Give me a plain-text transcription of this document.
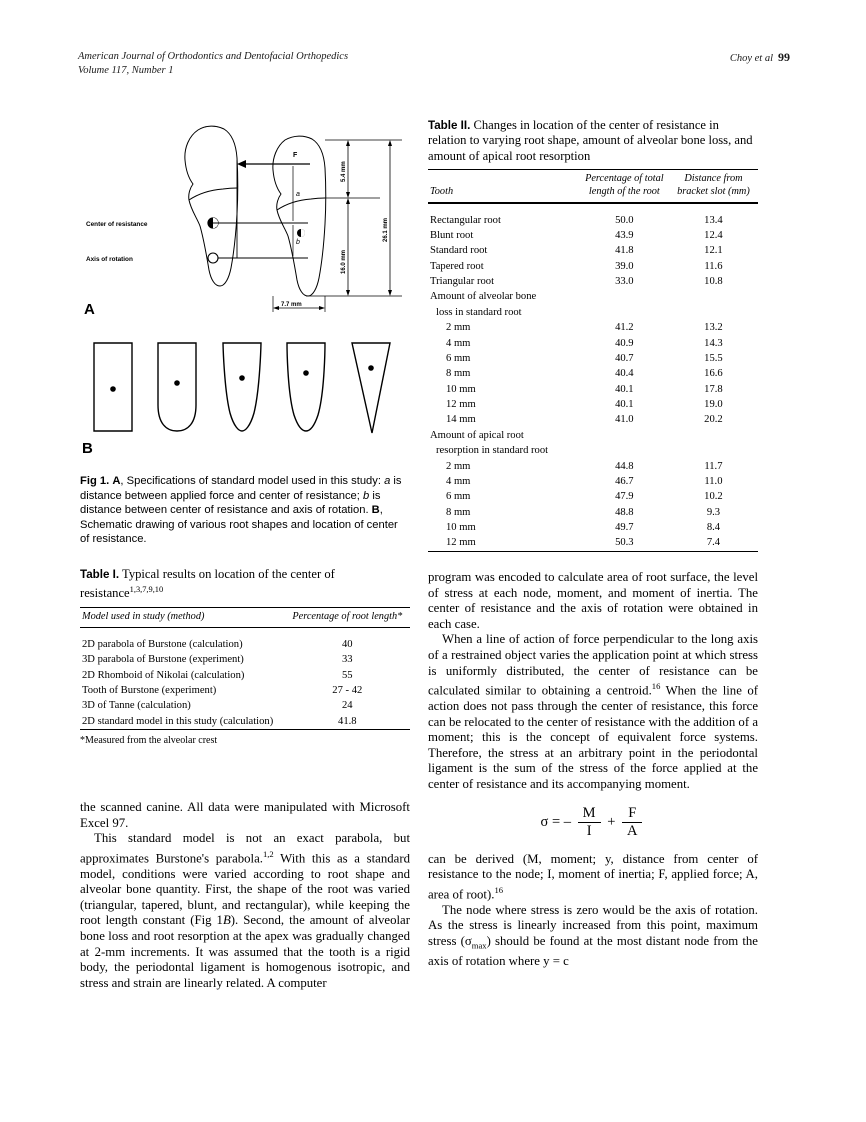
Choy et al 99
American Journal of Orthodontics and Dentofacial Orthopedics
Volume 117, Number 1
F
a
b
Center of resistance
Axis of rotation
5.4 mm
16.0 mm
26.1 mm
7.7 mm
A
B
Fig 1. A, Specifications of standard model used in this study: a is distance between applied force and center of resistance; b is distance between center of resistance and axis of rotation. B, Schematic drawing of various root shapes and location of center of resistance.
Table I. Typical results on location of the center of resistance$^{1,3,7,9,10}$
Model used in study (method)	Percentage of root length*

2D parabola of Burstone (calculation)	40
3D parabola of Burstone (experiment)	33
2D Rhomboid of Nikolai (calculation)	55
Tooth of Burstone (experiment)	27 - 42
3D of Tanne (calculation)	24
2D standard model in this study (calculation)	41.8
*Measured from the alveolar crest

the scanned canine. All data were manipulated with Microsoft Excel 97.

This standard model is not an exact parabola, but approximates Burstone's parabola.$^{1,2}$ With this as a standard model, conditions were varied according to root shape and alveolar bone quantity. First, the shape of the root was varied (triangular, tapered, blunt, and rectangular), while keeping the root length constant (Fig 1B). Second, the amount of alveolar bone loss and root resorption at the apex was gradually changed at 2-mm increments. It was assumed that the tooth is a rigid body, the periodontal ligament is homogenous isotropic, and stress and strain are linearly related. A computer

Table II. Changes in location of the center of resistance in relation to varying root shape, amount of alveolar bone loss, and amount of apical root resorption
Tooth	Percentage of total length of the root	Distance from bracket slot (mm)

Rectangular root	50.0	13.4
Blunt root	43.9	12.4
Standard root	41.8	12.1
Tapered root	39.0	11.6
Triangular root	33.0	10.8
Amount of alveolar bone		
loss in standard root		
2 mm	41.2	13.2
4 mm	40.9	14.3
6 mm	40.7	15.5
8 mm	40.4	16.6
10 mm	40.1	17.8
12 mm	40.1	19.0
14 mm	41.0	20.2
Amount of apical root		
resorption in standard root		
2 mm	44.8	11.7
4 mm	46.7	11.0
6 mm	47.9	10.2
8 mm	48.8	9.3
10 mm	49.7	8.4
12 mm	50.3	7.4

program was encoded to calculate area of root surface, the level of stress at each node, moment, and moment of inertia. The center of resistance and the axis of rotation were obtained in each case.

When a line of action of force perpendicular to the long axis of a restrained object varies the application point at which stress is uniformly distributed, the center of resistance can be calculated similar to obtaining a centroid.$^{16}$ When the line of action does not pass through the center of resistance, this force can be relocated to the center of resistance with the addition of a moment; this is the concept of equivalent force systems. Therefore, the stress at an arbitrary point in the periodontal ligament is the sum of the stress of the force applied at the center of resistance and its accompanying moment.

σ = – $\frac{M}{I} + \frac{F}{A}$

can be derived (M, moment; y, distance from center of resistance to the node; I, moment of inertia; F, applied force; A, area of root).$^{16}$

The node where stress is zero would be the axis of rotation. As the stress is linearly increased from this point, maximum stress $(\sigma_{max})$ should be found at the most distant node from the axis of rotation where y = c
